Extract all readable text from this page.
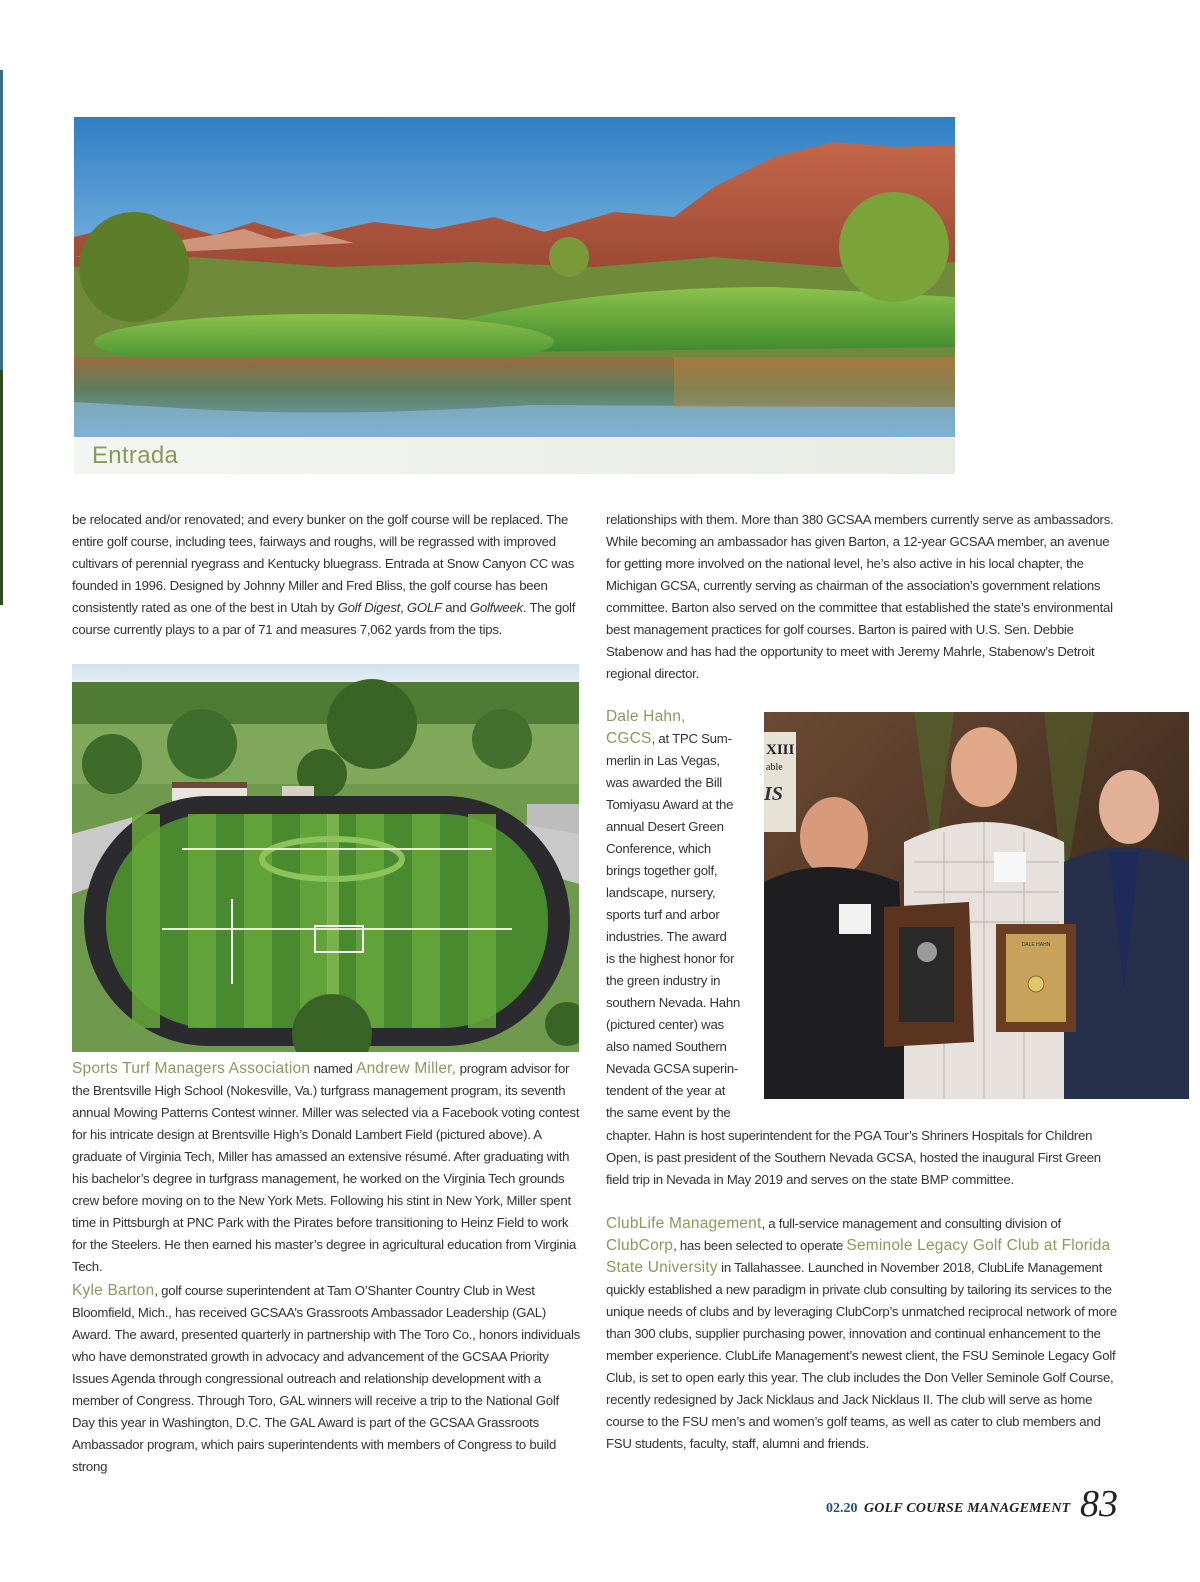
Entrada

be relocated and/or renovated; and every bunker on the golf course will be replaced. The entire golf course, including tees, fairways and roughs, will be regrassed with improved cultivars of perennial ryegrass and Kentucky bluegrass. Entrada at Snow Canyon CC was founded in 1996. Designed by Johnny Miller and Fred Bliss, the golf course has been consistently rated as one of the best in Utah by Golf Digest, GOLF and Golfweek. The golf course currently plays to a par of 71 and measures 7,062 yards from the tips.

Sports Turf Managers Association named Andrew Miller, program advisor for the Brentsville High School (Nokesville, Va.) turfgrass management program, its seventh annual Mowing Patterns Contest winner. Miller was selected via a Facebook voting contest for his intricate design at Brentsville High’s Donald Lambert Field (pictured above). A graduate of Virginia Tech, Miller has amassed an extensive résumé. After graduating with his bachelor’s degree in turfgrass management, he worked on the Virginia Tech grounds crew before moving on to the New York Mets. Following his stint in New York, Miller spent time in Pittsburgh at PNC Park with the Pirates before transitioning to Heinz Field to work for the Steelers. He then earned his master’s degree in agricultural education from Virginia Tech.

Kyle Barton, golf course superintendent at Tam O’Shanter Country Club in West Bloomfield, Mich., has received GCSAA’s Grassroots Ambassador Leadership (GAL) Award. The award, presented quarterly in partnership with The Toro Co., honors individuals who have demonstrated growth in advocacy and advancement of the GCSAA Priority Issues Agenda through congressional outreach and relationship development with a member of Congress. Through Toro, GAL winners will receive a trip to the National Golf Day this year in Washington, D.C. The GAL Award is part of the GCSAA Grassroots Ambassador program, which pairs superintendents with members of Congress to build strong

relationships with them. More than 380 GCSAA members currently serve as ambassadors. While becoming an ambassador has given Barton, a 12-year GCSAA member, an avenue for getting more involved on the national level, he’s also active in his local chapter, the Michigan GCSA, currently serving as chairman of the association’s government relations committee. Barton also served on the committee that established the state’s environmental best management practices for golf courses. Barton is paired with U.S. Sen. Debbie Stabenow and has had the opportunity to meet with Jeremy Mahrle, Stabenow’s Detroit regional director.

Dale Hahn,
CGCS, at TPC Sum-
merlin in Las Vegas,
was awarded the Bill
Tomiyasu Award at the
annual Desert Green
Conference, which
brings together golf,
landscape, nursery,
sports turf and arbor
industries. The award
is the highest honor for
the green industry in
southern Nevada. Hahn
(pictured center) was
also named Southern
Nevada GCSA superin-
tendent of the year at
the same event by the

XIII
able
IS
DALE HAHN

chapter. Hahn is host superintendent for the PGA Tour’s Shriners Hospitals for Children Open, is past president of the Southern Nevada GCSA, hosted the inaugural First Green field trip in Nevada in May 2019 and serves on the state BMP committee.

ClubLife Management, a full-service management and consulting division of ClubCorp, has been selected to operate Seminole Legacy Golf Club at Florida State University in Tallahassee. Launched in November 2018, ClubLife Management quickly established a new paradigm in private club consulting by tailoring its services to the unique needs of clubs and by leveraging ClubCorp’s unmatched reciprocal network of more than 300 clubs, supplier purchasing power, innovation and continual enhancement to the member experience. ClubLife Management’s newest client, the FSU Seminole Legacy Golf Club, is set to open early this year. The club includes the Don Veller Seminole Golf Course, recently redesigned by Jack Nicklaus and Jack Nicklaus II. The club will serve as home course to the FSU men’s and women’s golf teams, as well as cater to club members and FSU students, faculty, staff, alumni and friends.

02.20 GOLF COURSE MANAGEMENT 83
